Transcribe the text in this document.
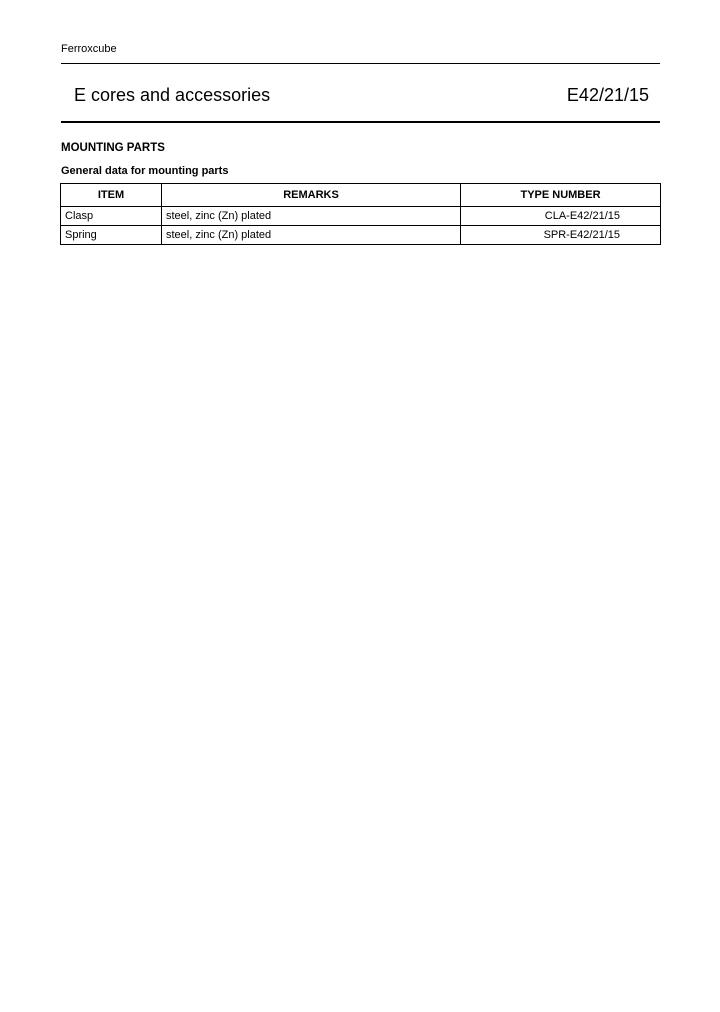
Ferroxcube
E cores and accessories	E42/21/15
MOUNTING PARTS
General data for mounting parts
ITEM	REMARKS	TYPE NUMBER
Clasp	steel, zinc (Zn) plated	CLA-E42/21/15
Spring	steel, zinc (Zn) plated	SPR-E42/21/15
